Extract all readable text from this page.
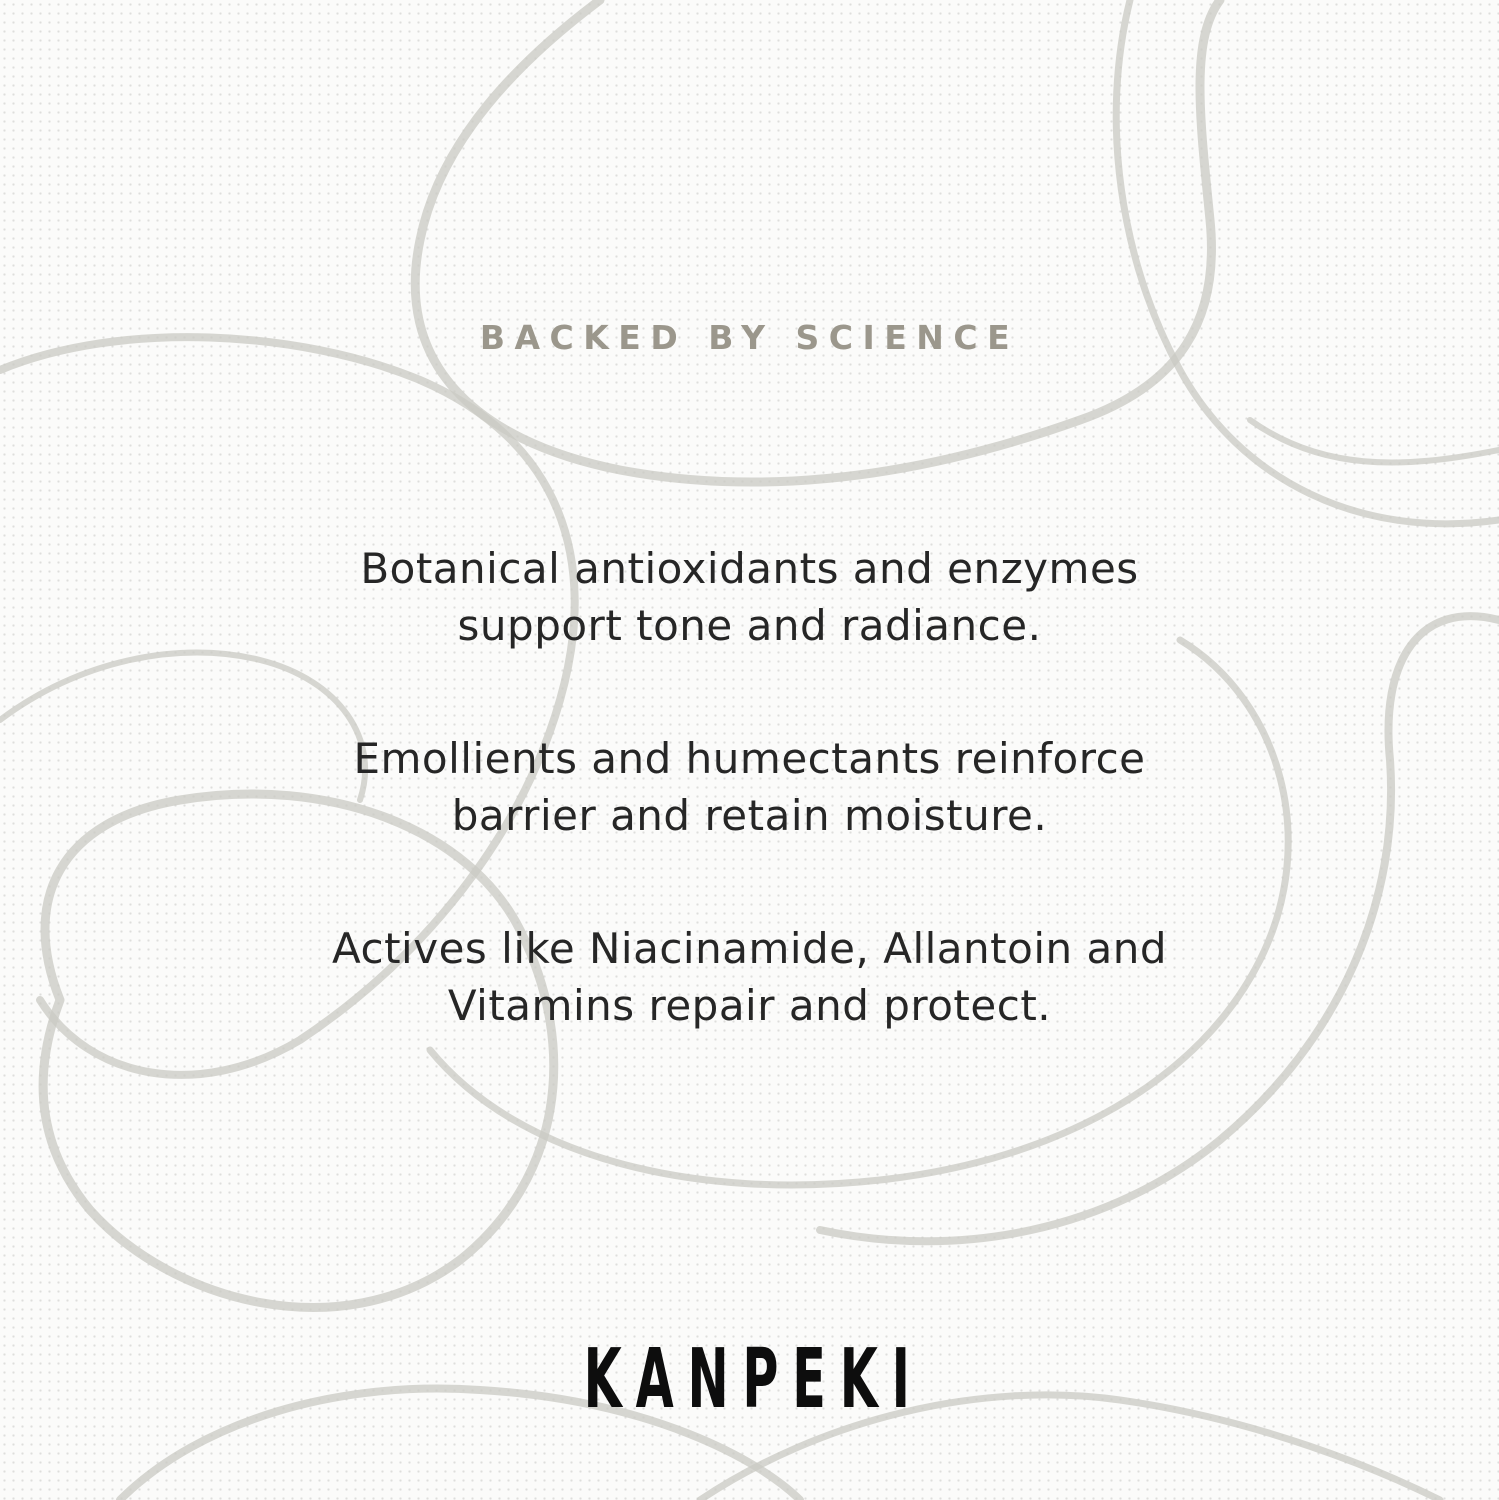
BACKED BY SCIENCE

Botanical antioxidants and enzymes
support tone and radiance.

Emollients and humectants reinforce
barrier and retain moisture.

Actives like Niacinamide, Allantoin and
Vitamins repair and protect.

KANPEKI
